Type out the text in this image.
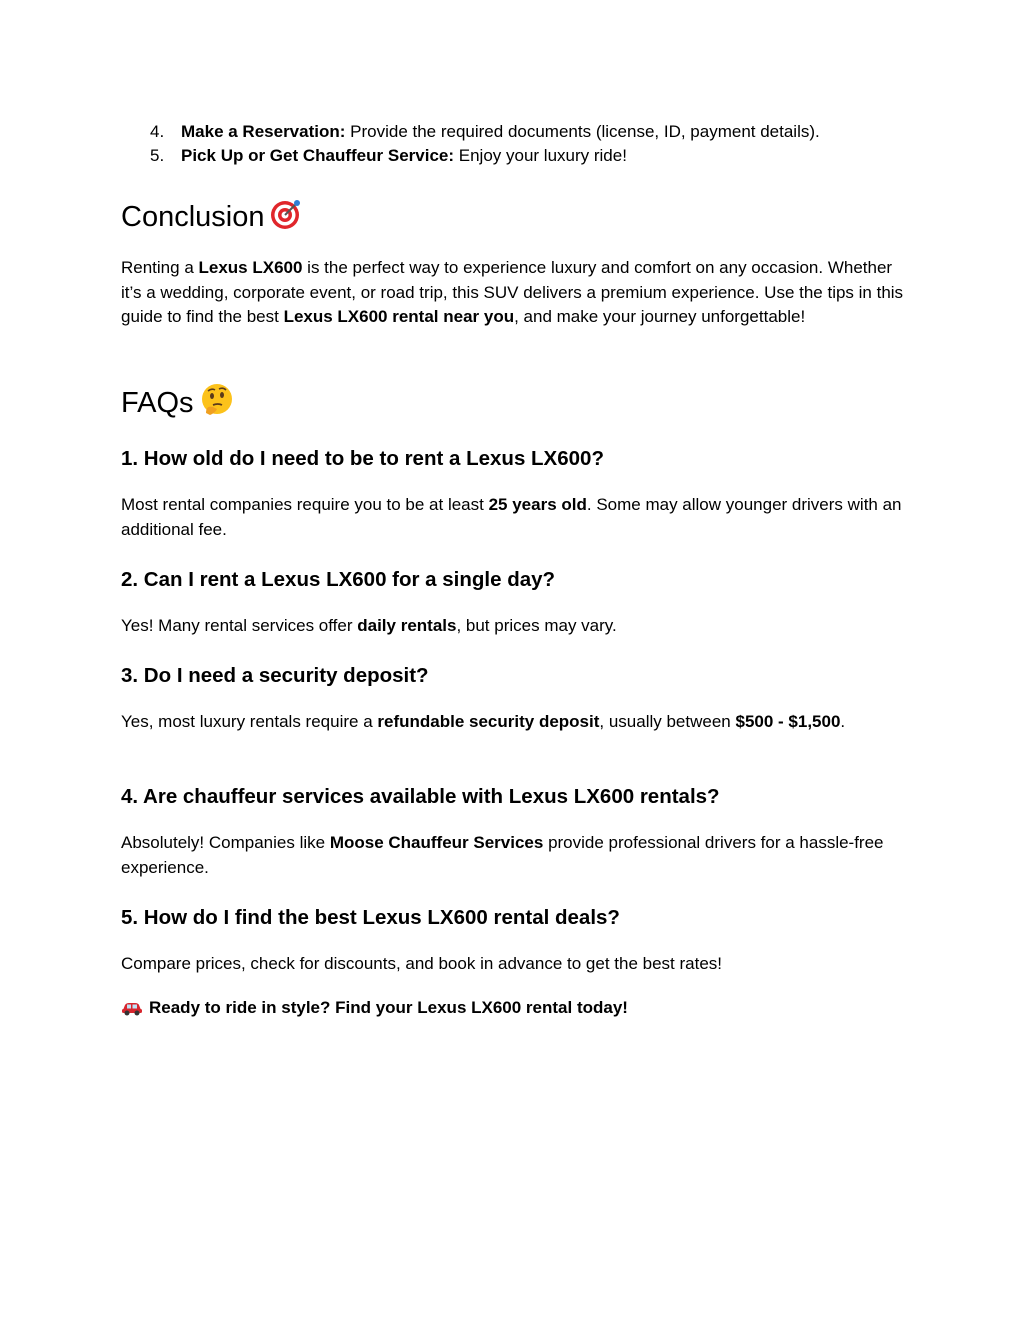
4. Make a Reservation: Provide the required documents (license, ID, payment details).
5. Pick Up or Get Chauffeur Service: Enjoy your luxury ride!
Conclusion

Renting a Lexus LX600 is the perfect way to experience luxury and comfort on any occasion. Whether it’s a wedding, corporate event, or road trip, this SUV delivers a premium experience. Use the tips in this guide to find the best Lexus LX600 rental near you, and make your journey unforgettable!

FAQs
1. How old do I need to be to rent a Lexus LX600?

Most rental companies require you to be at least 25 years old. Some may allow younger drivers with an additional fee.

2. Can I rent a Lexus LX600 for a single day?

Yes! Many rental services offer daily rentals, but prices may vary.

3. Do I need a security deposit?

Yes, most luxury rentals require a refundable security deposit, usually between $500 - $1,500.

4. Are chauffeur services available with Lexus LX600 rentals?

Absolutely! Companies like Moose Chauffeur Services provide professional drivers for a hassle-free experience.

5. How do I find the best Lexus LX600 rental deals?

Compare prices, check for discounts, and book in advance to get the best rates!

Ready to ride in style? Find your Lexus LX600 rental today!
